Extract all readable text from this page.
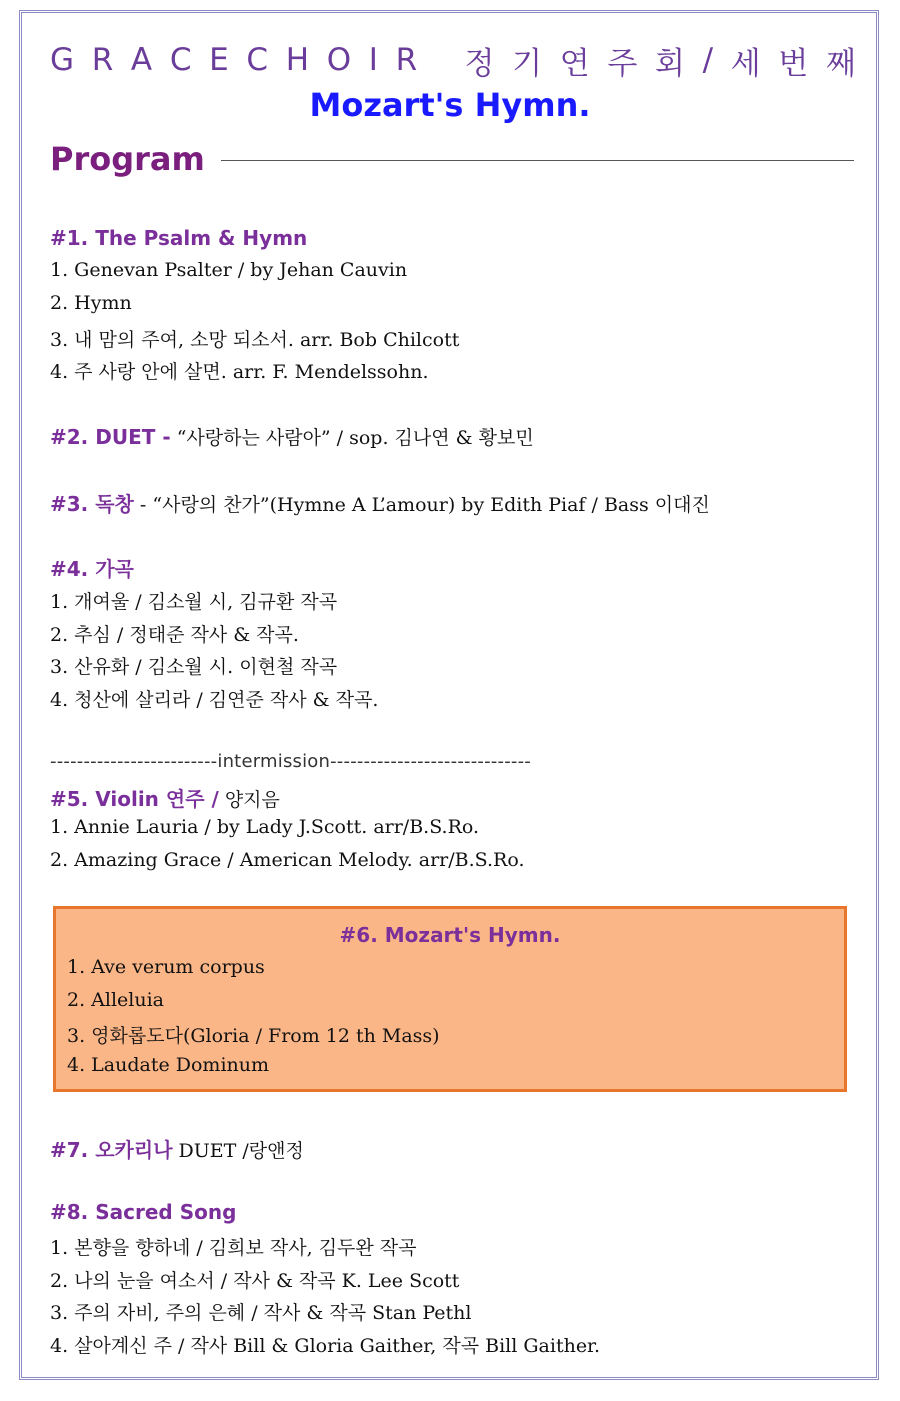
G R A C E C H O I R 정 기 연 주 회 / 세 번 째
Mozart's Hymn.
Program
#1. The Psalm & Hymn
1. Genevan Psalter / by Jehan Cauvin
2. Hymn
3. 내 맘의 주여, 소망 되소서. arr. Bob Chilcott
4. 주 사랑 안에 살면. arr. F. Mendelssohn.
#2. DUET - “사랑하는 사람아” / sop. 김나연 & 황보민
#3. 독창 - “사랑의 찬가”(Hymne A L’amour) by Edith Piaf / Bass 이대진
#4. 가곡
1. 개여울 / 김소월 시, 김규환 작곡
2. 추심 / 정태준 작사 & 작곡.
3. 산유화 / 김소월 시. 이현철 작곡
4. 청산에 살리라 / 김연준 작사 & 작곡.
-------------------------intermission------------------------------
#5. Violin 연주 / 양지음
1. Annie Lauria / by Lady J.Scott. arr/B.S.Ro.
2. Amazing Grace / American Melody. arr/B.S.Ro.
#6. Mozart's Hymn.
1. Ave verum corpus
2. Alleluia
3. 영화롭도다(Gloria / From 12 th Mass)
4. Laudate Dominum
#7. 오카리나 DUET /랑앤정
#8. Sacred Song
1. 본향을 향하네 / 김희보 작사, 김두완 작곡
2. 나의 눈을 여소서 / 작사 & 작곡 K. Lee Scott
3. 주의 자비, 주의 은혜 / 작사 & 작곡 Stan Pethl
4. 살아계신 주 / 작사 Bill & Gloria Gaither, 작곡 Bill Gaither.
